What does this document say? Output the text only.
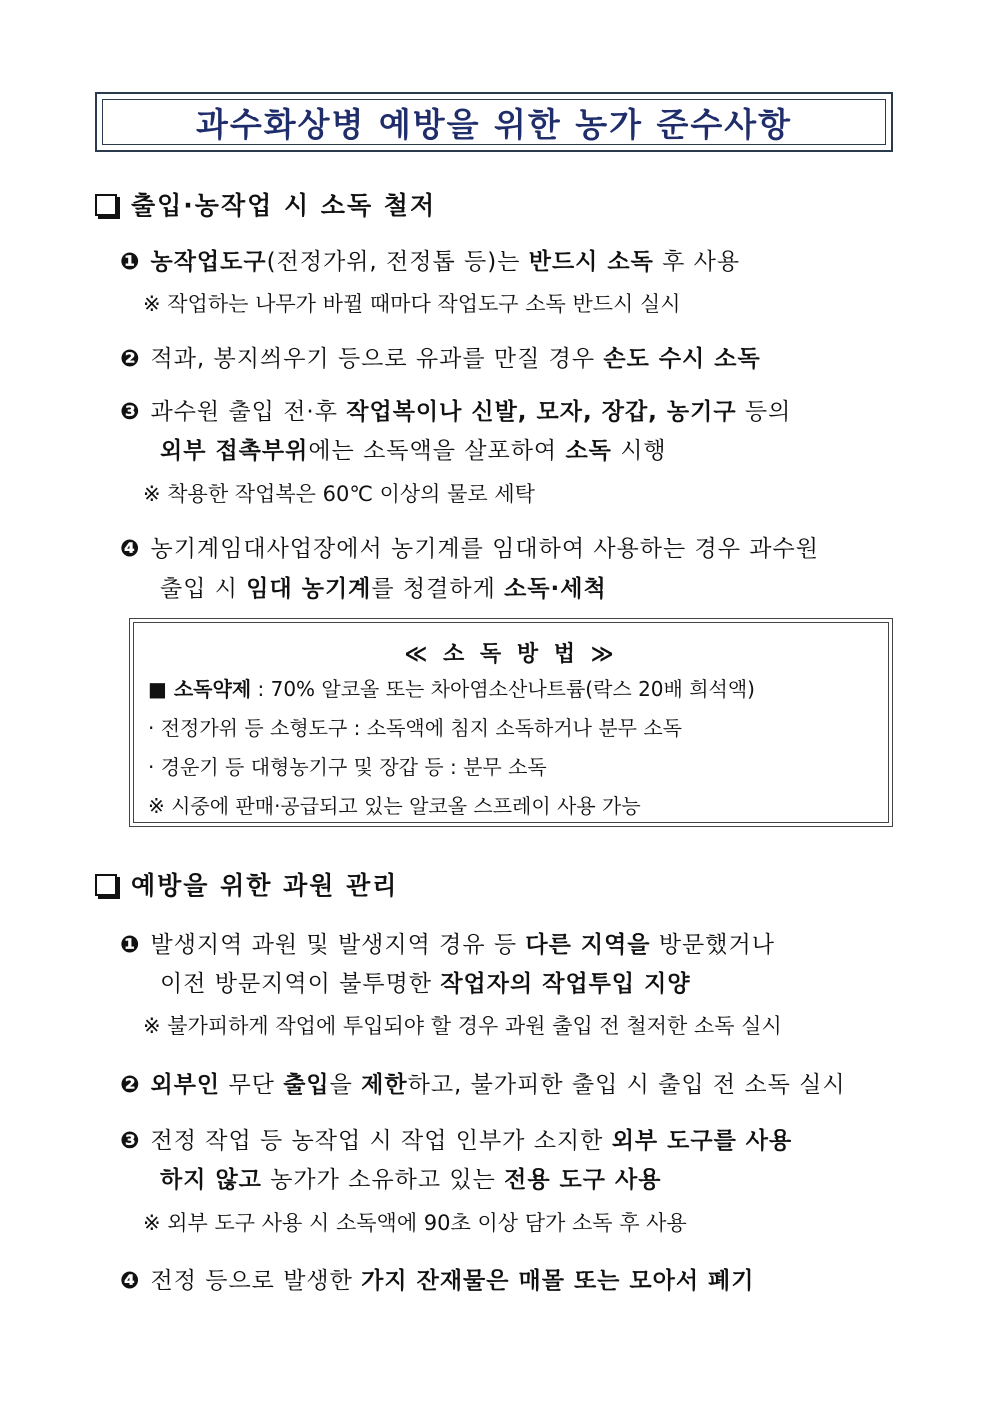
과수화상병 예방을 위한 농가 준수사항
출입·농작업 시 소독 철저
❶ 농작업도구(전정가위, 전정톱 등)는 반드시 소독 후 사용
※ 작업하는 나무가 바뀔 때마다 작업도구 소독 반드시 실시
❷ 적과, 봉지씌우기 등으로 유과를 만질 경우 손도 수시 소독
❸ 과수원 출입 전·후 작업복이나 신발, 모자, 장갑, 농기구 등의
외부 접촉부위에는 소독액을 살포하여 소독 시행
※ 착용한 작업복은 60℃ 이상의 물로 세탁
❹ 농기계임대사업장에서 농기계를 임대하여 사용하는 경우 과수원
출입 시 임대 농기계를 청결하게 소독·세척
≪ 소 독 방 법 ≫
■ 소독약제 : 70% 알코올 또는 차아염소산나트륨(락스 20배 희석액)
· 전정가위 등 소형도구 : 소독액에 침지 소독하거나 분무 소독
· 경운기 등 대형농기구 및 장갑 등 : 분무 소독
※ 시중에 판매·공급되고 있는 알코올 스프레이 사용 가능
예방을 위한 과원 관리
❶ 발생지역 과원 및 발생지역 경유 등 다른 지역을 방문했거나
이전 방문지역이 불투명한 작업자의 작업투입 지양
※ 불가피하게 작업에 투입되야 할 경우 과원 출입 전 철저한 소독 실시
❷ 외부인 무단 출입을 제한하고, 불가피한 출입 시 출입 전 소독 실시
❸ 전정 작업 등 농작업 시 작업 인부가 소지한 외부 도구를 사용
하지 않고 농가가 소유하고 있는 전용 도구 사용
※ 외부 도구 사용 시 소독액에 90초 이상 담가 소독 후 사용
❹ 전정 등으로 발생한 가지 잔재물은 매몰 또는 모아서 폐기
